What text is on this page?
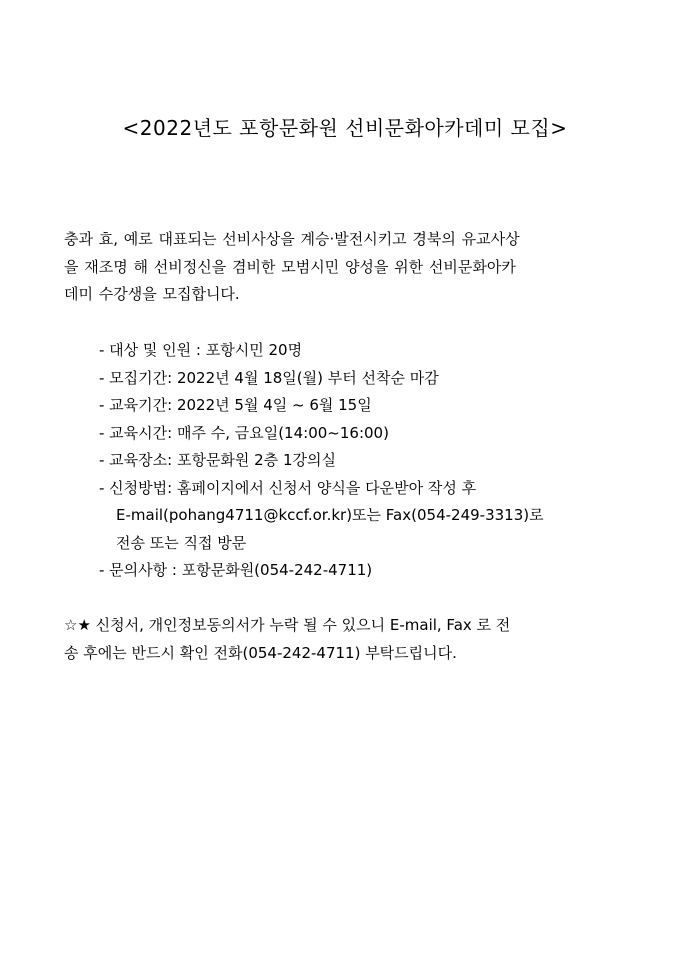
<2022년도 포항문화원 선비문화아카데미 모집>
충과 효, 예로 대표되는 선비사상을 계승·발전시키고 경북의 유교사상
을 재조명 해 선비정신을 겸비한 모범시민 양성을 위한 선비문화아카
데미 수강생을 모집합니다.
- 대상 및 인원 : 포항시민 20명
- 모집기간: 2022년 4월 18일(월) 부터 선착순 마감
- 교육기간: 2022년 5월 4일 ~ 6월 15일
- 교육시간: 매주 수, 금요일(14:00~16:00)
- 교육장소: 포항문화원 2층 1강의실
- 신청방법: 홈페이지에서 신청서 양식을 다운받아 작성 후
E-mail(pohang4711@kccf.or.kr)또는 Fax(054-249-3313)로
전송 또는 직접 방문
- 문의사항 : 포항문화원(054-242-4711)
☆★ 신청서, 개인정보동의서가 누락 될 수 있으니 E-mail, Fax 로 전
송 후에는 반드시 확인 전화(054-242-4711) 부탁드립니다.
